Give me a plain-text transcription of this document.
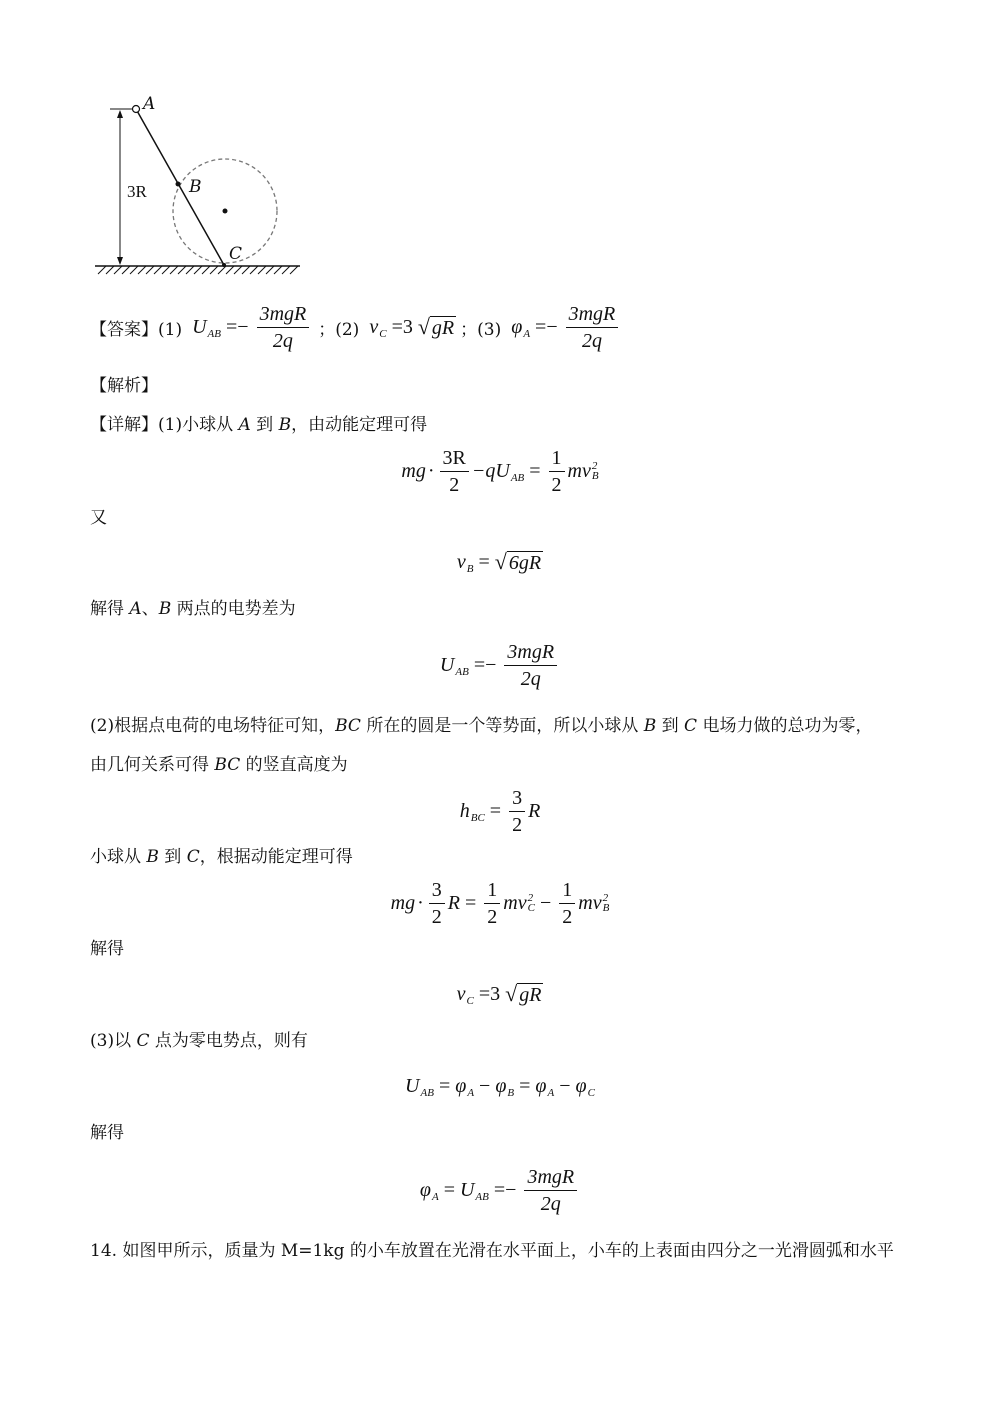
A
B
C
3R
【答案】(1) U AB =− $\frac{\text{3mgR}}{2q}$ ；(2) v C =3 √ gR ；(3) φ $A =- \frac{\text{3mgR}}{2q}$
【解析】
【详解】(1)小球从 A 到 B，由动能定理可得
mg · $\frac{3R}{2} -q$ U AB = $\frac{1}{2}$ mv 2
B
又
v B = √ 6gR
解得 A、B 两点的电势差为
U AB =− $\frac{\text{3mgR}}{2q}$
(2)根据点电荷的电场特征可知，BC 所在的圆是一个等势面，所以小球从 B 到 C 电场力做的总功为零，
由几何关系可得 BC 的竖直高度为
h BC = $\frac{3}{2}$ R
小球从 B 到 C，根据动能定理可得
mg · $\frac{3}{2}$ $R = \frac{1}{2}$ mv 2
$C - \frac{1}{2}$ mv 2
B
解得
v C =3 √ gR
(3)以 C 点为零电势点，则有
U AB = φ A − φ B = φ A − φ C
解得
φ A = U AB =− $\frac{\text{3mgR}}{2q}$
14. 如图甲所示，质量为 M=1kg 的小车放置在光滑在水平面上，小车的上表面由四分之一光滑圆弧和水平
